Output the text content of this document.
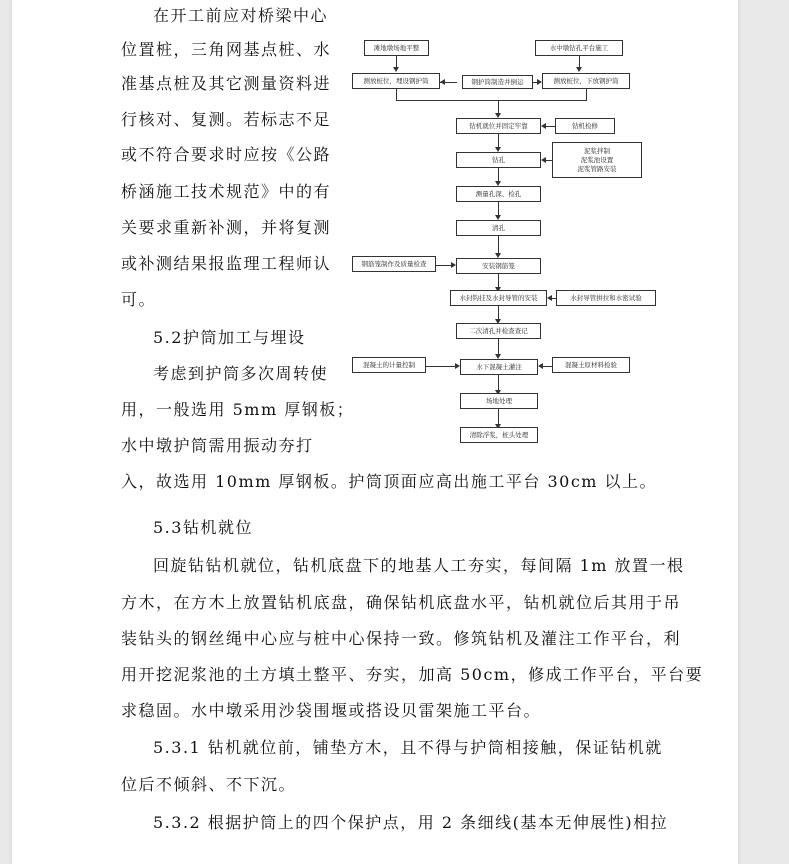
在开工前应对桥梁中心
位置桩，三角网基点桩、水
准基点桩及其它测量资料进
行核对、复测。若标志不足
或不符合要求时应按《公路
桥涵施工技术规范》中的有
关要求重新补测，并将复测
或补测结果报监理工程师认
可。
5.2护筒加工与埋设
考虑到护筒多次周转使
用，一般选用 5mm 厚钢板；
水中墩护筒需用振动夯打
入，故选用 10mm 厚钢板。护筒顶面应高出施工平台 30cm 以上。
5.3钻机就位
回旋钻钻机就位，钻机底盘下的地基人工夯实，每间隔 1m 放置一根
方木，在方木上放置钻机底盘，确保钻机底盘水平，钻机就位后其用于吊
装钻头的钢丝绳中心应与桩中心保持一致。修筑钻机及灌注工作平台，利
用开挖泥浆池的土方填土整平、夯实，加高 50cm，修成工作平台，平台要
求稳固。水中墩采用沙袋围堰或搭设贝雷架施工平台。
5.3.1 钻机就位前，铺垫方木，且不得与护筒相接触，保证钻机就
位后不倾斜、不下沉。
5.3.2 根据护筒上的四个保护点，用 2 条细线(基本无伸展性)相拉
滩地墩场地平整	水中墩钻孔平台施工
测放桩位，埋设钢护筒	钢护筒制造并倒运	测放桩位，下放钢护筒
钻机就位并固定牢靠	钻机检修
钻孔
泥浆拌制
泥浆池设置
泥浆管路安装
测量孔深、检孔
清孔
钢筋笼制作及质量检查	安装钢筋笼
水封钩挂及水封导管的安装	水封导管拼拉和水密试验
二次清孔并检查查记
混凝土的计量控制	水下混凝土灌注	混凝土原材料检验
场地处理
清除浮浆，桩头处理
